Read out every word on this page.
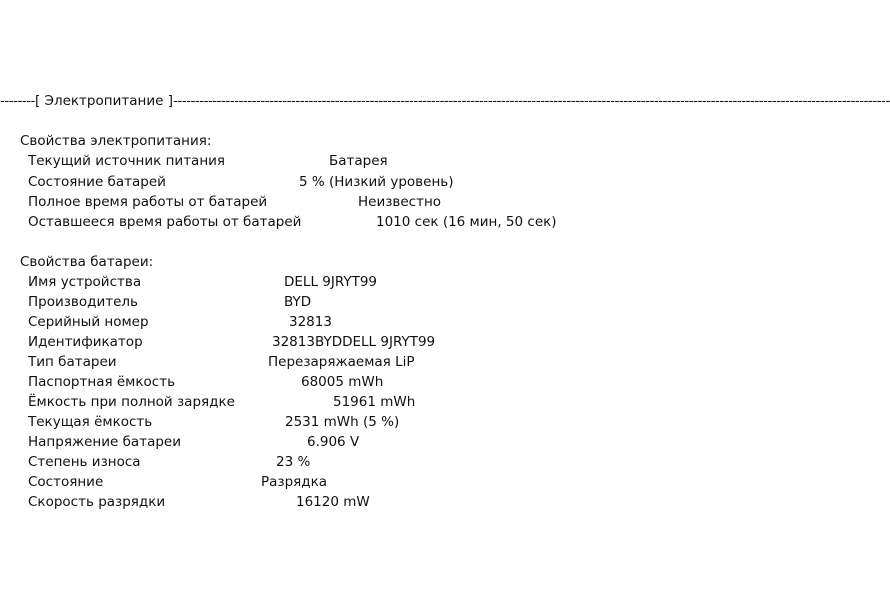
--------[ Электропитание ]--------------------------------------------------------------------------------------------------------------------------------------------------------------------
Свойства электропитания:
Текущий источник питания	Батарея
Состояние батарей	5 % (Низкий уровень)
Полное время работы от батарей	Неизвестно
Оставшееся время работы от батарей	1010 сек (16 мин, 50 сек)
Свойства батареи:
Имя устройства	DELL 9JRYT99
Производитель	BYD
Серийный номер	32813
Идентификатор	32813BYDDELL 9JRYT99
Тип батареи	Перезаряжаемая LiP
Паспортная ёмкость	68005 mWh
Ёмкость при полной зарядке	51961 mWh
Текущая ёмкость	2531 mWh (5 %)
Напряжение батареи	6.906 V
Степень износа	23 %
Состояние	Разрядка
Скорость разрядки	16120 mW
